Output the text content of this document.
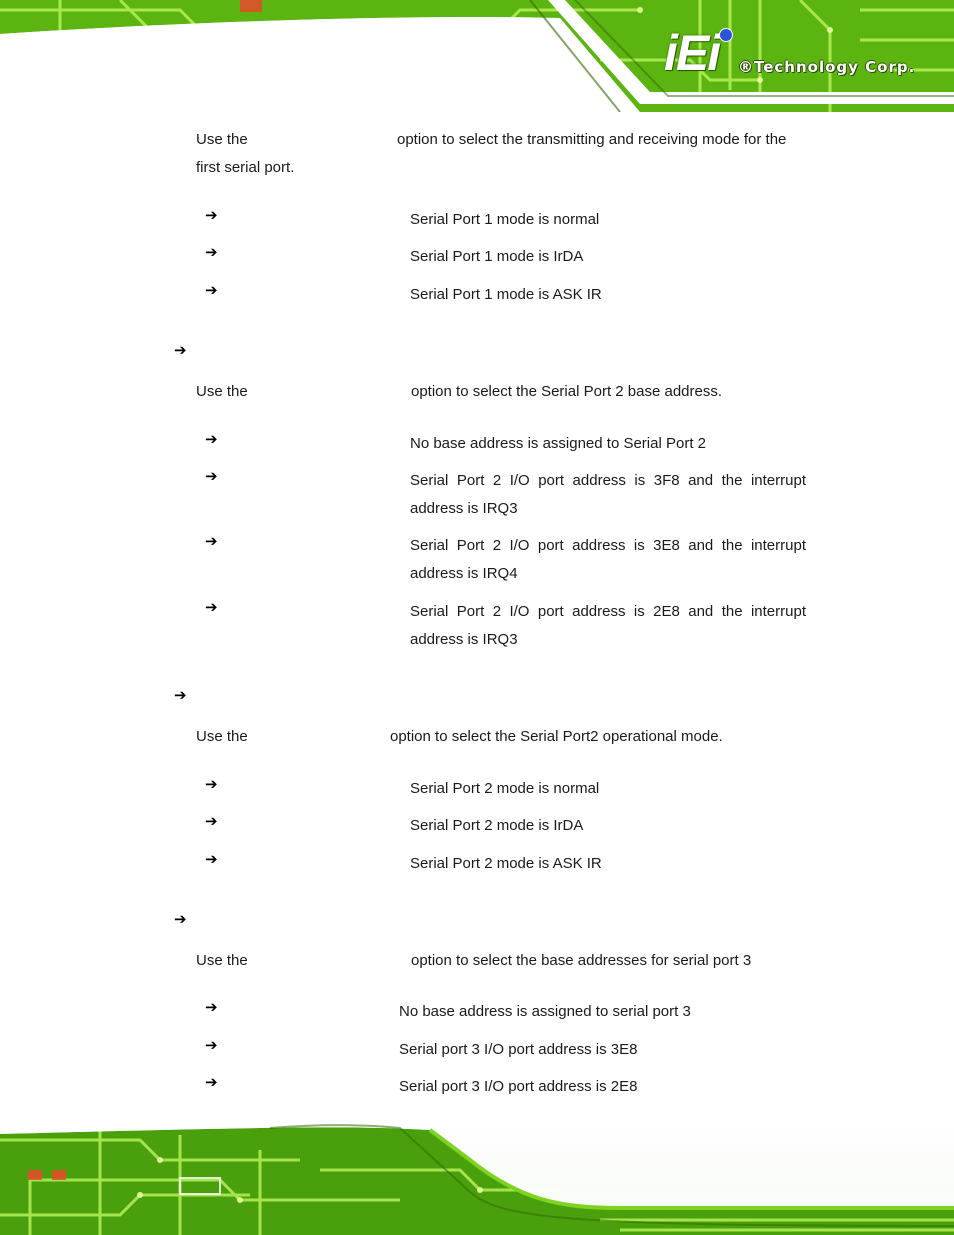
iEi ®Technology Corp.
Use the	option to select the transmitting and receiving mode for the
first serial port.
➔	Serial Port 1 mode is normal
➔	Serial Port 1 mode is IrDA
➔	Serial Port 1 mode is ASK IR
➔
Use the	option to select the Serial Port 2 base address.
➔	No base address is assigned to Serial Port 2
➔	Serial Port 2 I/O port address is 3F8 and the interrupt
address is IRQ3
➔	Serial Port 2 I/O port address is 3E8 and the interrupt
address is IRQ4
➔	Serial Port 2 I/O port address is 2E8 and the interrupt
address is IRQ3
➔
Use the	option to select the Serial Port2 operational mode.
➔	Serial Port 2 mode is normal
➔	Serial Port 2 mode is IrDA
➔	Serial Port 2 mode is ASK IR
➔
Use the	option to select the base addresses for serial port 3
➔	No base address is assigned to serial port 3
➔	Serial port 3 I/O port address is 3E8
➔	Serial port 3 I/O port address is 2E8
